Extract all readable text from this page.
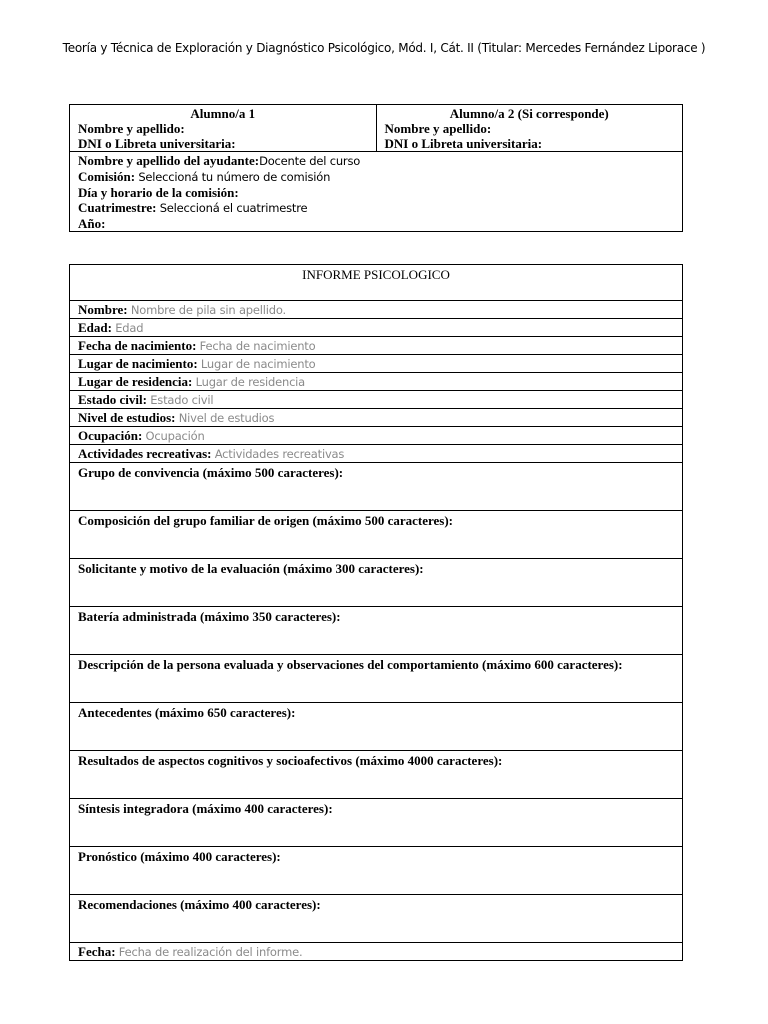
Teoría y Técnica de Exploración y Diagnóstico Psicológico, Mód. I, Cát. II (Titular: Mercedes Fernández Liporace )
Alumno/a 1
Nombre y apellido:
DNI o Libreta universitaria:

Alumno/a 2 (Si corresponde)
Nombre y apellido:
DNI o Libreta universitaria:

Nombre y apellido del ayudante:Docente del curso
Comisión: Seleccioná tu número de comisión
Día y horario de la comisión:
Cuatrimestre: Seleccioná el cuatrimestre
Año:
INFORME PSICOLOGICO
Nombre: Nombre de pila sin apellido.
Edad: Edad
Fecha de nacimiento: Fecha de nacimiento
Lugar de nacimiento: Lugar de nacimiento
Lugar de residencia: Lugar de residencia
Estado civil: Estado civil
Nivel de estudios: Nivel de estudios
Ocupación: Ocupación
Actividades recreativas: Actividades recreativas
Grupo de convivencia (máximo 500 caracteres):
Composición del grupo familiar de origen (máximo 500 caracteres):
Solicitante y motivo de la evaluación (máximo 300 caracteres):
Batería administrada (máximo 350 caracteres):
Descripción de la persona evaluada y observaciones del comportamiento (máximo 600 caracteres):
Antecedentes (máximo 650 caracteres):
Resultados de aspectos cognitivos y socioafectivos (máximo 4000 caracteres):
Síntesis integradora (máximo 400 caracteres):
Pronóstico (máximo 400 caracteres):
Recomendaciones (máximo 400 caracteres):
Fecha: Fecha de realización del informe.
